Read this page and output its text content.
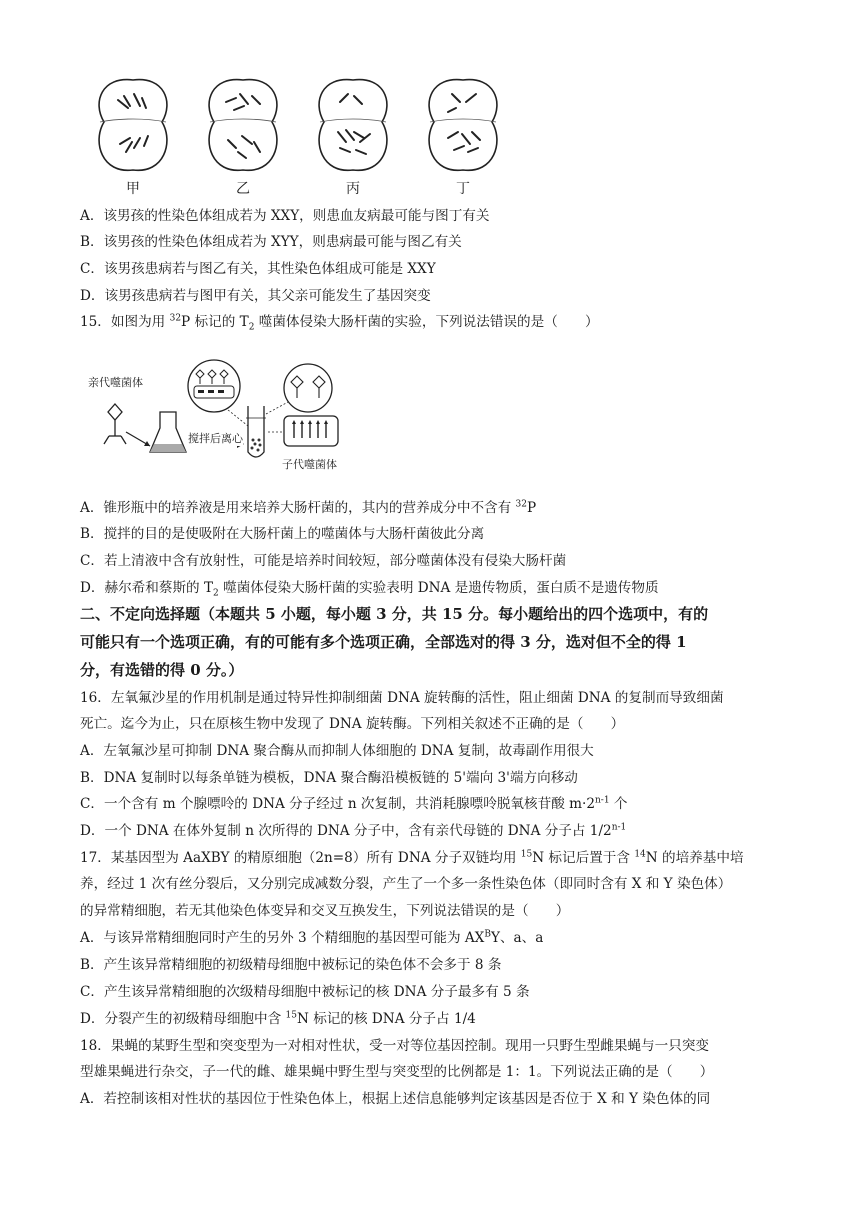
甲	乙	丙	丁
A．该男孩的性染色体组成若为 XXY，则患血友病最可能与图丁有关
B．该男孩的性染色体组成若为 XYY，则患病最可能与图乙有关
C．该男孩患病若与图乙有关，其性染色体组成可能是 XXY
D．该男孩患病若与图甲有关，其父亲可能发生了基因突变
15．如图为用 $^{32}$P 标记的 $T_2$ 噬菌体侵染大肠杆菌的实验，下列说法错误的是（　　）
亲代噬菌体
搅拌后离心
子代噬菌体
A．锥形瓶中的培养液是用来培养大肠杆菌的，其内的营养成分中不含有 $^{32}$P
B．搅拌的目的是使吸附在大肠杆菌上的噬菌体与大肠杆菌彼此分离
C．若上清液中含有放射性，可能是培养时间较短，部分噬菌体没有侵染大肠杆菌
D．赫尔希和蔡斯的 $T_2$ 噬菌体侵染大肠杆菌的实验表明 DNA 是遗传物质，蛋白质不是遗传物质
二、不定向选择题（本题共 5 小题，每小题 3 分，共 15 分。每小题给出的四个选项中，有的
可能只有一个选项正确，有的可能有多个选项正确，全部选对的得 3 分，选对但不全的得 1
分，有选错的得 0 分。）
16．左氧氟沙星的作用机制是通过特异性抑制细菌 DNA 旋转酶的活性，阻止细菌 DNA 的复制而导致细菌
死亡。迄今为止，只在原核生物中发现了 DNA 旋转酶。下列相关叙述不正确的是（　　）
A．左氧氟沙星可抑制 DNA 聚合酶从而抑制人体细胞的 DNA 复制，故毒副作用很大
B．DNA 复制时以每条单链为模板，DNA 聚合酶沿模板链的 5'端向 3'端方向移动
C．一个含有 m 个腺嘌呤的 DNA 分子经过 n 次复制，共消耗腺嘌呤脱氧核苷酸 $m\cdot 2^{n-1}$ 个
D．一个 DNA 在体外复制 n 次所得的 DNA 分子中，含有亲代母链的 DNA 分子占 1/2$^{n-1}$
17．某基因型为 AaXBY 的精原细胞（2n=8）所有 DNA 分子双链均用 $^{15}$N 标记后置于含 $^{14}$N 的培养基中培
养，经过 1 次有丝分裂后，又分别完成减数分裂，产生了一个多一条性染色体（即同时含有 X 和 Y 染色体）
的异常精细胞，若无其他染色体变异和交叉互换发生，下列说法错误的是（　　）
A．与该异常精细胞同时产生的另外 3 个精细胞的基因型可能为 $AX^BY$、a、a
B．产生该异常精细胞的初级精母细胞中被标记的染色体不会多于 8 条
C．产生该异常精细胞的次级精母细胞中被标记的核 DNA 分子最多有 5 条
D．分裂产生的初级精母细胞中含 $^{15}$N 标记的核 DNA 分子占 1/4
18．果蝇的某野生型和突变型为一对相对性状，受一对等位基因控制。现用一只野生型雌果蝇与一只突变
型雄果蝇进行杂交，子一代的雌、雄果蝇中野生型与突变型的比例都是 1：1。下列说法正确的是（　　）
A．若控制该相对性状的基因位于性染色体上，根据上述信息能够判定该基因是否位于 X 和 Y 染色体的同
